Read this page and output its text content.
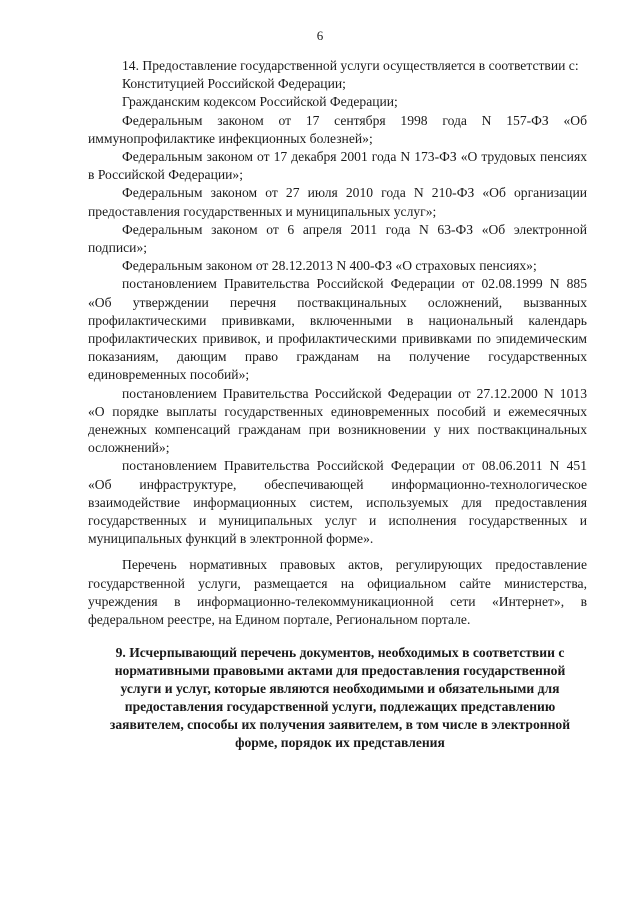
6

14. Предоставление государственной услуги осуществляется в соответствии с:

Конституцией Российской Федерации;

Гражданским кодексом Российской Федерации;

Федеральным законом от 17 сентября 1998 года N 157-ФЗ «Об иммунопрофилактике инфекционных болезней»;

Федеральным законом от 17 декабря 2001 года N 173-ФЗ «О трудовых пенсиях в Российской Федерации»;

Федеральным законом от 27 июля 2010 года N 210-ФЗ «Об организации предоставления государственных и муниципальных услуг»;

Федеральным законом от 6 апреля 2011 года N 63-ФЗ «Об электронной подписи»;

Федеральным законом от 28.12.2013 N 400-ФЗ «О страховых пенсиях»;

постановлением Правительства Российской Федерации от 02.08.1999 N 885 «Об утверждении перечня поствакцинальных осложнений, вызванных профилактическими прививками, включенными в национальный календарь профилактических прививок, и профилактическими прививками по эпидемическим показаниям, дающим право гражданам на получение государственных единовременных пособий»;

постановлением Правительства Российской Федерации от 27.12.2000 N 1013 «О порядке выплаты государственных единовременных пособий и ежемесячных денежных компенсаций гражданам при возникновении у них поствакцинальных осложнений»;

постановлением Правительства Российской Федерации от 08.06.2011 N 451 «Об инфраструктуре, обеспечивающей информационно-технологическое взаимодействие информационных систем, используемых для предоставления государственных и муниципальных услуг и исполнения государственных и муниципальных функций в электронной форме».

Перечень нормативных правовых актов, регулирующих предоставление государственной услуги, размещается на официальном сайте министерства, учреждения в информационно-телекоммуникационной сети «Интернет», в федеральном реестре, на Едином портале, Региональном портале.

9. Исчерпывающий перечень документов, необходимых в соответствии с нормативными правовыми актами для предоставления государственной услуги и услуг, которые являются необходимыми и обязательными для предоставления государственной услуги, подлежащих представлению заявителем, способы их получения заявителем, в том числе в электронной форме, порядок их представления
